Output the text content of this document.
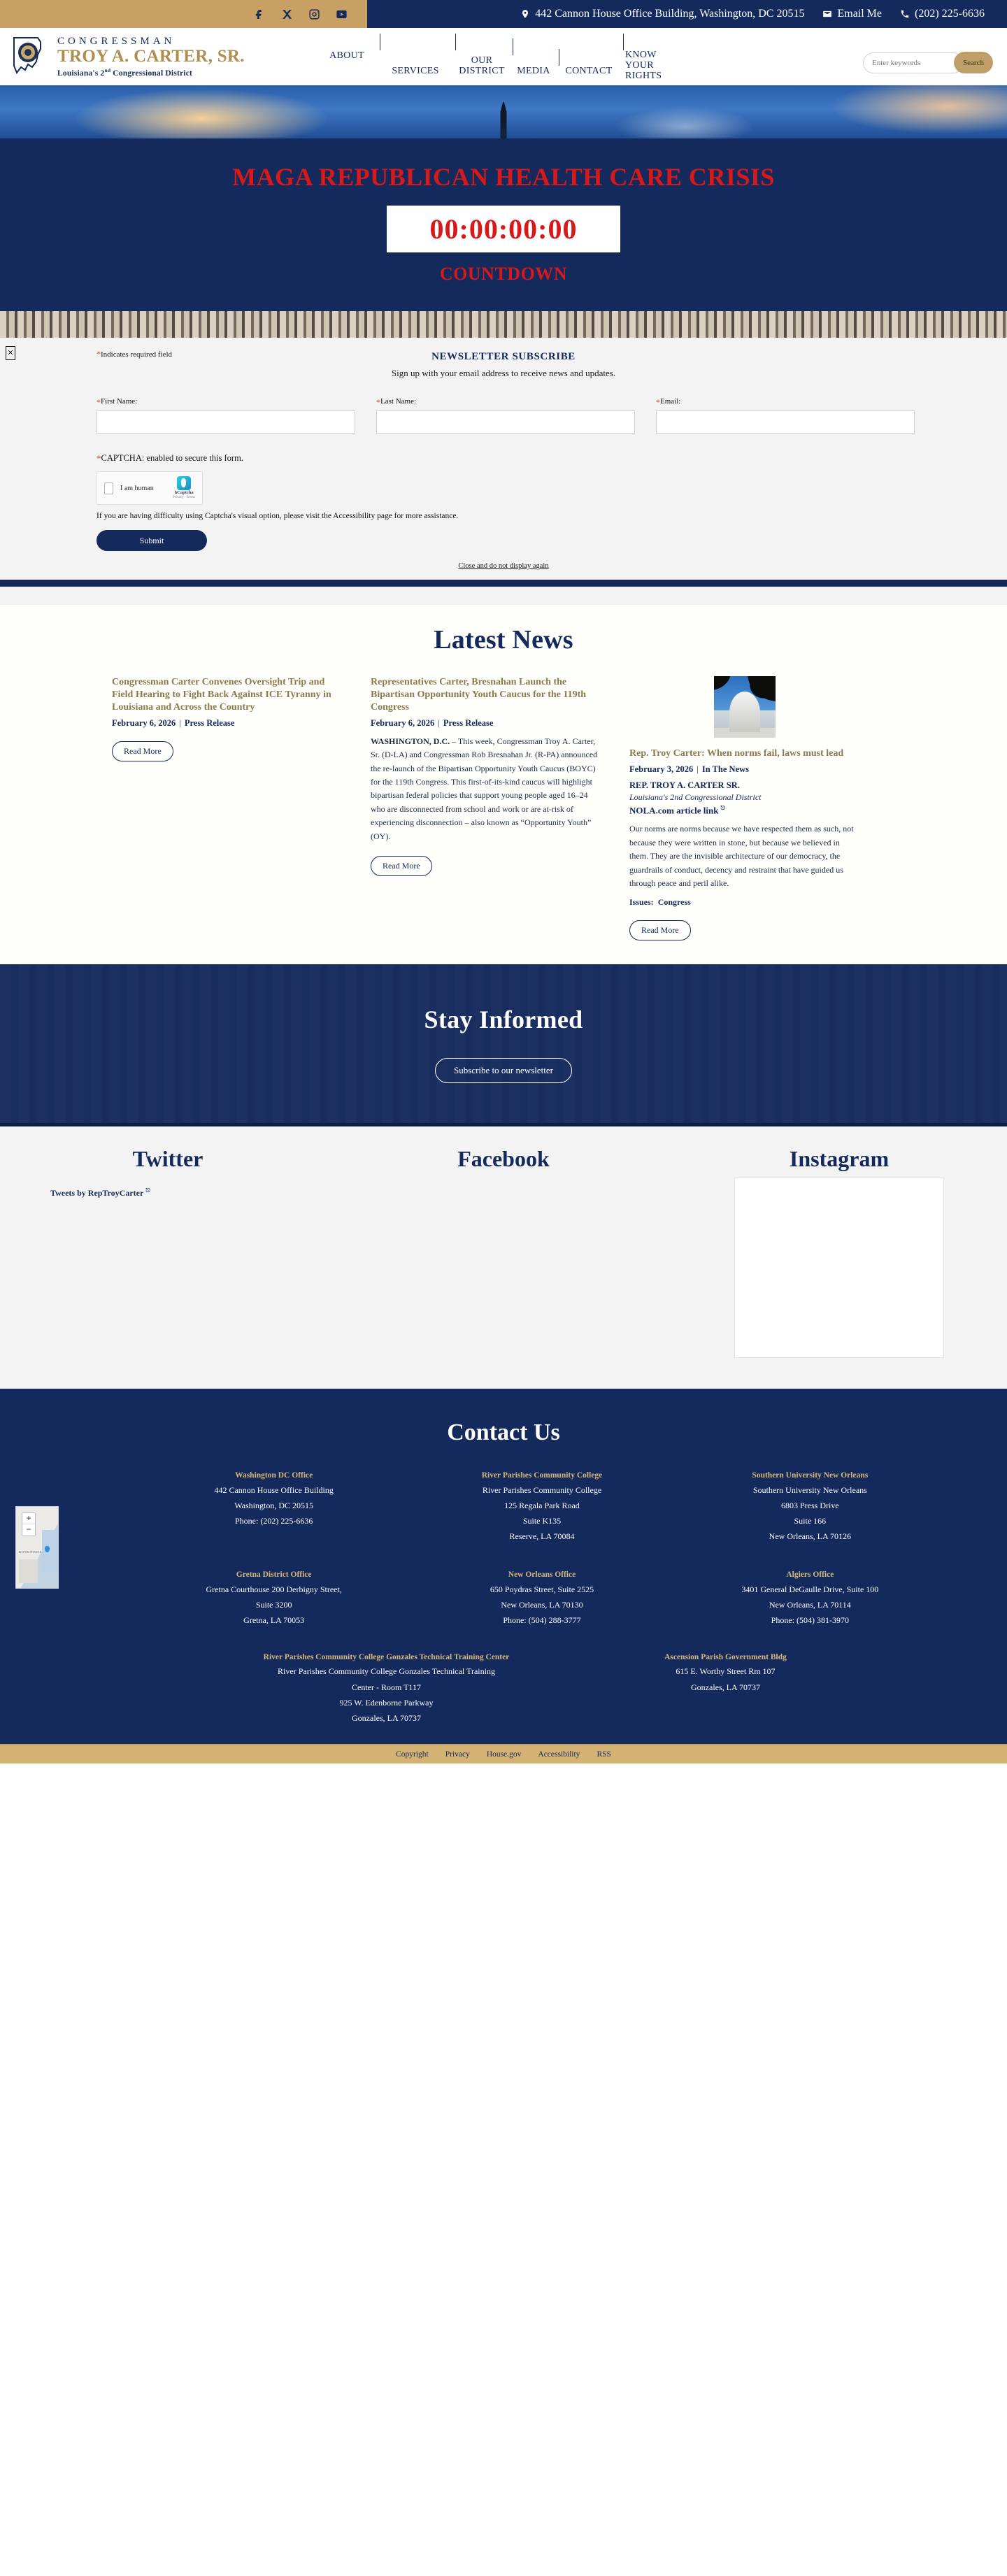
442 Cannon House Office Building, Washington, DC 20515	Email Me	(202) 225-6636
CONGRESSMAN
TROY A. CARTER, SR.
Louisiana's 2nd Congressional District
ABOUT
SERVICES
OUR DISTRICT	MEDIA	CONTACT
KNOW YOUR RIGHTS
Enter keywords
Search
MAGA REPUBLICAN HEALTH CARE CRISIS
00:00:00:00
COUNTDOWN
✕	*Indicates required field	NEWSLETTER SUBSCRIBE
Sign up with your email address to receive news and updates.
*First Name:	*Last Name:	*Email:
*CAPTCHA: enabled to secure this form.
I am human
hCaptcha
Privacy - Terms
If you are having difficulty using Captcha's visual option, please visit the Accessibility page for more assistance.
Submit
Close and do not display again
Latest News
Congressman Carter Convenes Oversight Trip and Field Hearing to Fight Back Against ICE Tyranny in Louisiana and Across the Country
February 6, 2026 | Press Release
Read More
Representatives Carter, Bresnahan Launch the Bipartisan Opportunity Youth Caucus for the 119th Congress
February 6, 2026 | Press Release
WASHINGTON, D.C. – This week, Congressman Troy A. Carter, Sr. (D-LA) and Congressman Rob Bresnahan Jr. (R-PA) announced the re-launch of the Bipartisan Opportunity Youth Caucus (BOYC) for the 119th Congress. This first-of-its-kind caucus will highlight bipartisan federal policies that support young people aged 16–24 who are disconnected from school and work or are at-risk of experiencing disconnection – also known as “Opportunity Youth” (OY).
Read More
Rep. Troy Carter: When norms fail, laws must lead
February 3, 2026 | In The News
REP. TROY A. CARTER SR.
Louisiana's 2nd Congressional District
NOLA.com article link ⎋
Our norms are norms because we have respected them as such, not because they were written in stone, but because we believed in them. They are the invisible architecture of our democracy, the guardrails of conduct, decency and restraint that have guided us through peace and peril alike.
Issues: Congress
Read More
Stay Informed
Subscribe to our newsletter
Twitter
Tweets by RepTroyCarter ⎋
Facebook	Instagram
Contact Us
BATON ROUGE
+
−
Washington DC Office
442 Cannon House Office Building
Washington, DC 20515
Phone: (202) 225-6636
River Parishes Community College
River Parishes Community College
125 Regala Park Road
Suite K135
Reserve, LA 70084
Southern University New Orleans
Southern University New Orleans
6803 Press Drive
Suite 166
New Orleans, LA 70126
Gretna District Office
Gretna Courthouse 200 Derbigny Street,
Suite 3200
Gretna, LA 70053
New Orleans Office
650 Poydras Street, Suite 2525
New Orleans, LA 70130
Phone: (504) 288-3777
Algiers Office
3401 General DeGaulle Drive, Suite 100
New Orleans, LA 70114
Phone: (504) 381-3970
River Parishes Community College Gonzales Technical Training Center
River Parishes Community College Gonzales Technical Training
Center - Room T117
925 W. Edenborne Parkway
Gonzales, LA 70737
Ascension Parish Government Bldg
615 E. Worthy Street Rm 107
Gonzales, LA 70737
Copyright Privacy House.gov Accessibility RSS
